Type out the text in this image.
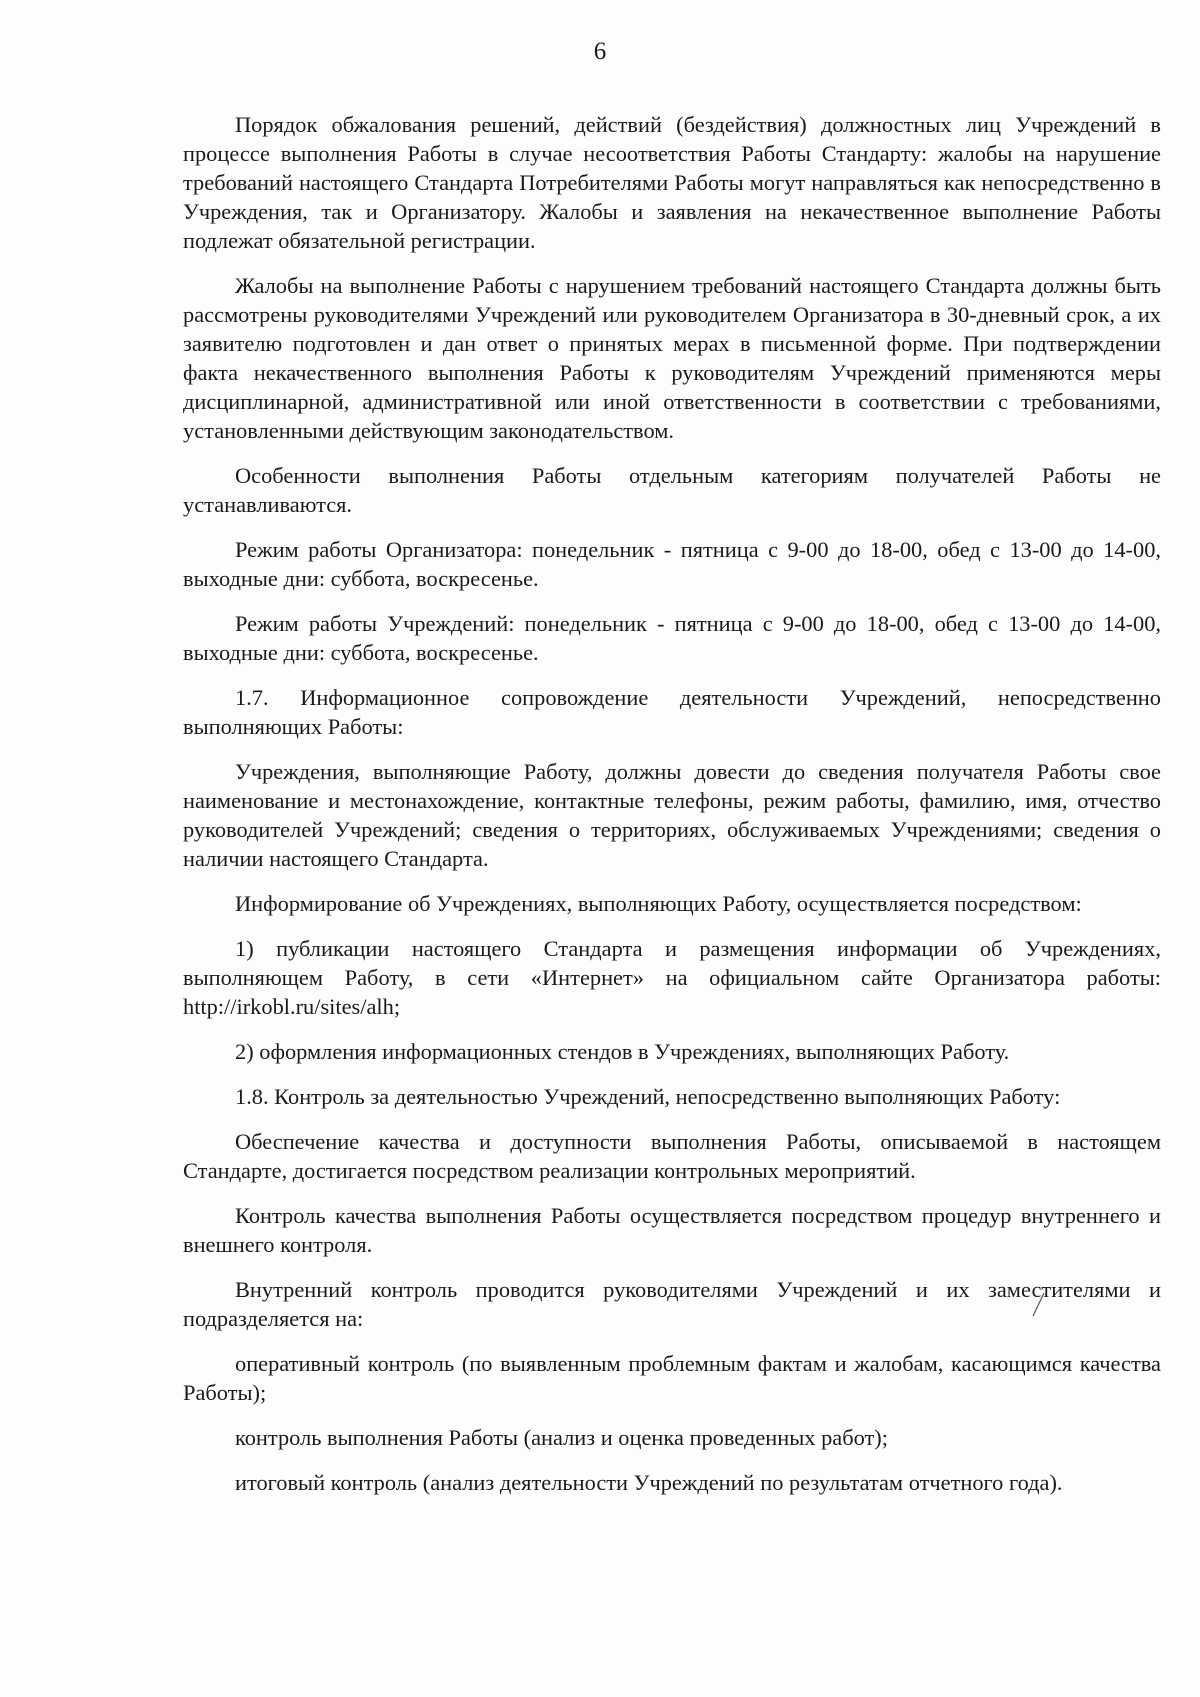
6

Порядок обжалования решений, действий (бездействия) должностных лиц Учреждений в процессе выполнения Работы в случае несоответствия Работы Стандарту: жалобы на нарушение требований настоящего Стандарта Потребителями Работы могут направляться как непосредственно в Учреждения, так и Организатору. Жалобы и заявления на некачественное выполнение Работы подлежат обязательной регистрации.

Жалобы на выполнение Работы с нарушением требований настоящего Стандарта должны быть рассмотрены руководителями Учреждений или руководителем Организатора в 30-дневный срок, а их заявителю подготовлен и дан ответ о принятых мерах в письменной форме. При подтверждении факта некачественного выполнения Работы к руководителям Учреждений применяются меры дисциплинарной, административной или иной ответственности в соответствии с требованиями, установленными действующим законодательством.

Особенности выполнения Работы отдельным категориям получателей Работы не устанавливаются.

Режим работы Организатора: понедельник - пятница с 9-00 до 18-00, обед с 13-00 до 14-00, выходные дни: суббота, воскресенье.

Режим работы Учреждений: понедельник - пятница с 9-00 до 18-00, обед с 13-00 до 14-00, выходные дни: суббота, воскресенье.

1.7. Информационное сопровождение деятельности Учреждений, непосредственно выполняющих Работы:

Учреждения, выполняющие Работу, должны довести до сведения получателя Работы свое наименование и местонахождение, контактные телефоны, режим работы, фамилию, имя, отчество руководителей Учреждений; сведения о территориях, обслуживаемых Учреждениями; сведения о наличии настоящего Стандарта.

Информирование об Учреждениях, выполняющих Работу, осуществляется посредством:

1) публикации настоящего Стандарта и размещения информации об Учреждениях, выполняющем Работу, в сети «Интернет» на официальном сайте Организатора работы: http://irkobl.ru/sites/alh;

2) оформления информационных стендов в Учреждениях, выполняющих Работу.

1.8. Контроль за деятельностью Учреждений, непосредственно выполняющих Работу:

Обеспечение качества и доступности выполнения Работы, описываемой в настоящем Стандарте, достигается посредством реализации контрольных мероприятий.

Контроль качества выполнения Работы осуществляется посредством процедур внутреннего и внешнего контроля.

Внутренний контроль проводится руководителями Учреждений и их заместителями и подразделяется на:

оперативный контроль (по выявленным проблемным фактам и жалобам, касающимся качества Работы);

контроль выполнения Работы (анализ и оценка проведенных работ);

итоговый контроль (анализ деятельности Учреждений по результатам отчетного года).
